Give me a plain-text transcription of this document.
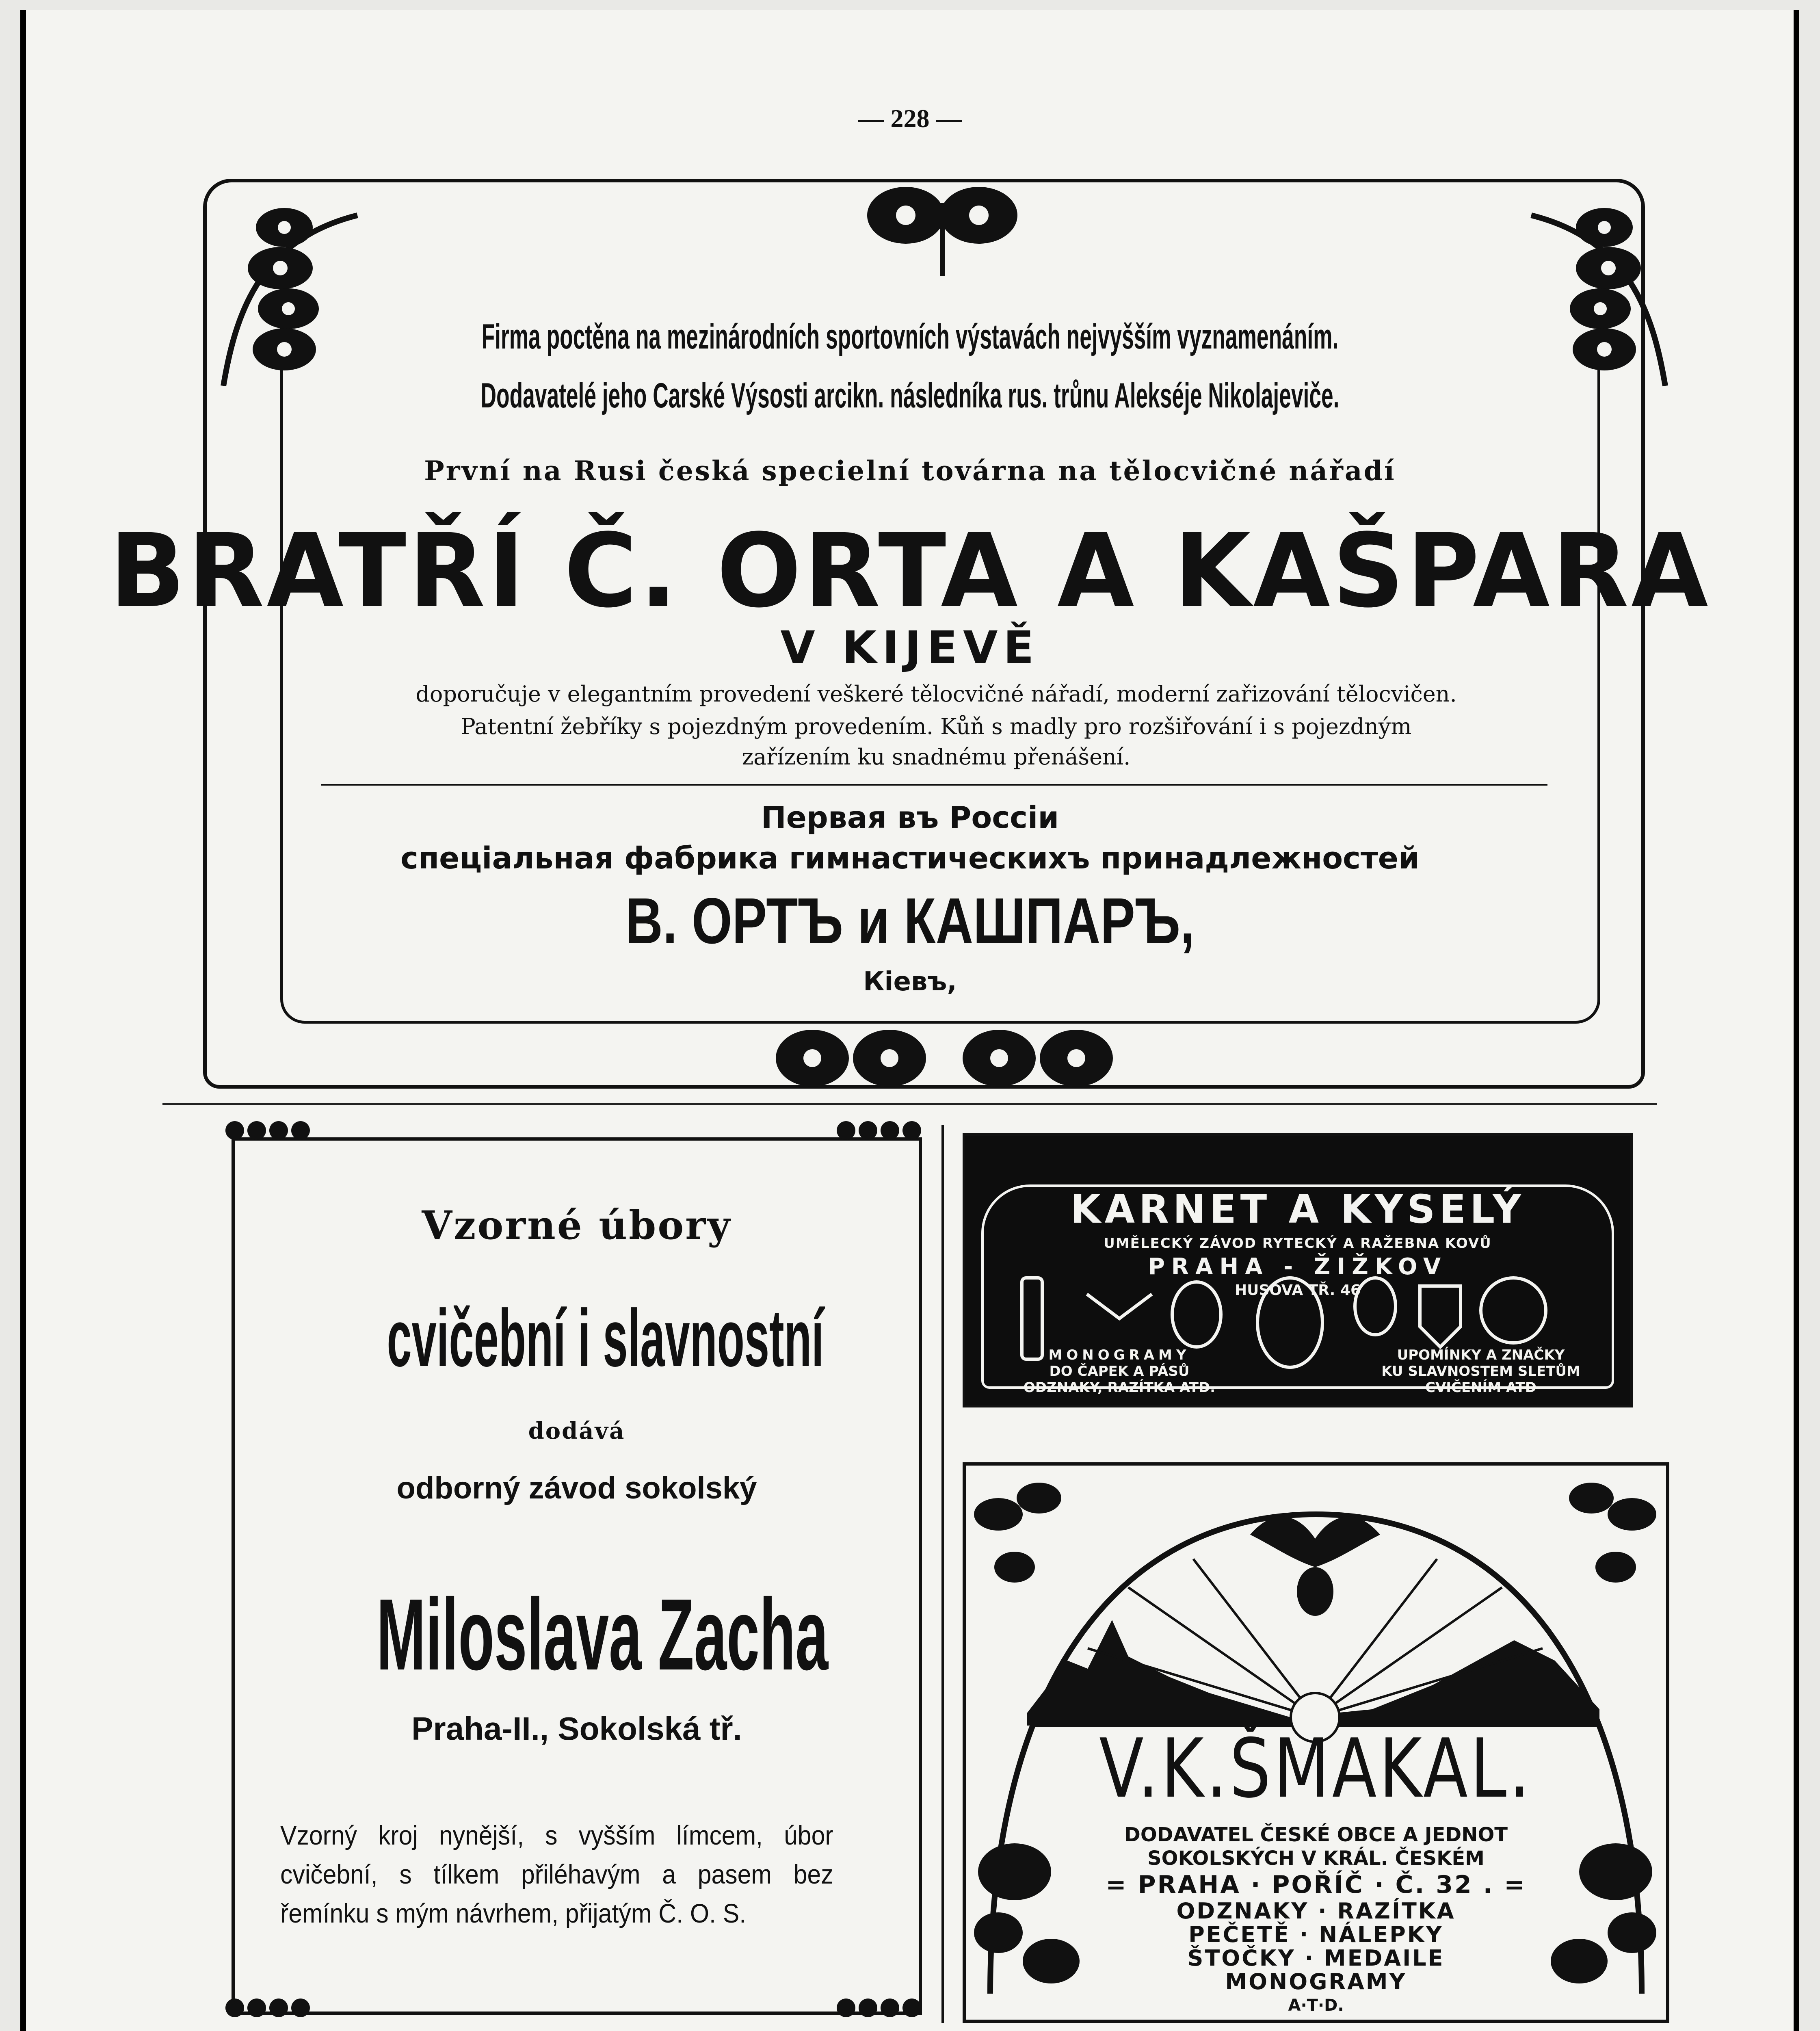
— 228 —
Firma poctěna na mezinárodních sportovních výstavách nejvyšším vyznamenáním.
Dodavatelé jeho Carské Výsosti arcikn. následníka rus. trůnu Alekséje Nikolajeviče.
První na Rusi česká specielní továrna na tělocvičné nářadí
BRATŘÍ Č. ORTA A KAŠPARA
V KIJEVĚ
doporučuje v elegantním provedení veškeré tělocvičné nářadí, moderní zařizování tělocvičen.
Patentní žebříky s pojezdným provedením. Kůň s madly pro rozšiřování i s pojezdným
zařízením ku snadnému přenášení.
Первая въ Россіи
спеціальная фабрика гимнастическихъ принадлежностей
В. ОРТЪ и КАШПАРЪ,
Кіевъ,
Vzorné úbory
cvičební i slavnostní
dodává
odborný závod sokolský
Miloslava Zacha
Praha-II., Sokolská tř.
Vzorný kroj nynější, s vyšším límcem, úbor cvičební, s tílkem přiléhavým a pasem bez řemínku s mým návrhem, přijatým Č. O. S.
KARNET A KYSELÝ
UMĚLECKÝ ZÁVOD RYTECKÝ A RAŽEBNA KOVŮ
PRAHA - ŽIŽKOV
HUSOVA TŘ. 46
MONOGRAMY
DO ČAPEK A PÁSŮ
ODZNAKY, RAZÍTKA ATD.
UPOMÍNKY A ZNAČKY
KU SLAVNOSTEM SLETŮM
CVIČENÍM ATD
V.K.ŠMAKAL.
DODAVATEL ČESKÉ OBCE A JEDNOT
SOKOLSKÝCH V KRÁL. ČESKÉM
= PRAHA · POŘÍČ · Č. 32 . =
ODZNAKY · RAZÍTKA
PEČETĚ · NÁLEPKY
ŠTOČKY · MEDAILE
MONOGRAMY
A·T·D.
